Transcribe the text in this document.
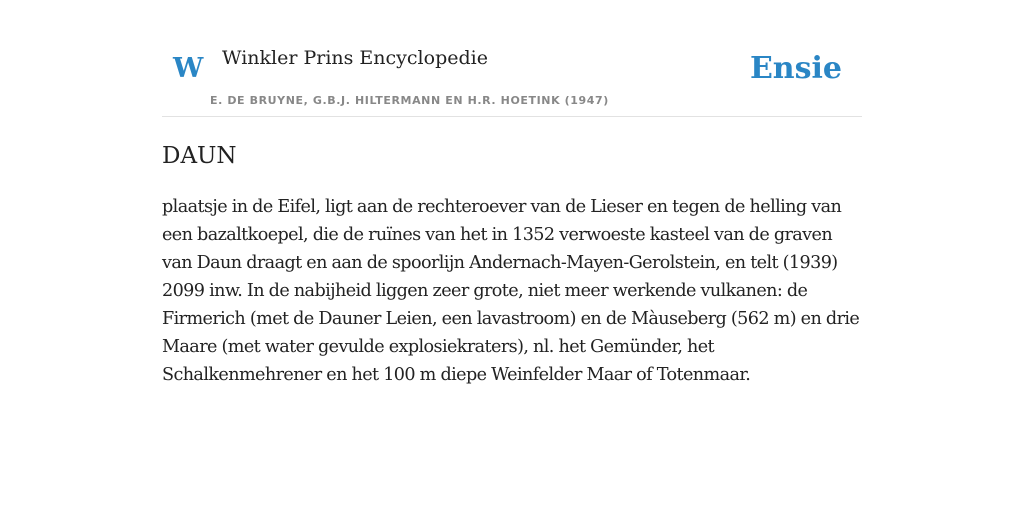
W Winkler Prins Encyclopedie
E. DE BRUYNE, G.B.J. HILTERMANN EN H.R. HOETINK (1947)
Ensie
DAUN

plaatsje in de Eifel, ligt aan de rechteroever van de Lieser en tegen de helling van een bazaltkoepel, die de ruïnes van het in 1352 verwoeste kasteel van de graven van Daun draagt en aan de spoorlijn Andernach-Mayen-Gerolstein, en telt (1939) 2099 inw. In de nabijheid liggen zeer grote, niet meer werkende vulkanen: de Firmerich (met de Dauner Leien, een lavastroom) en de Màuseberg (562 m) en drie Maare (met water gevulde explosiekraters), nl. het Gemünder, het Schalkenmehrener en het 100 m diepe Weinfelder Maar of Totenmaar.
